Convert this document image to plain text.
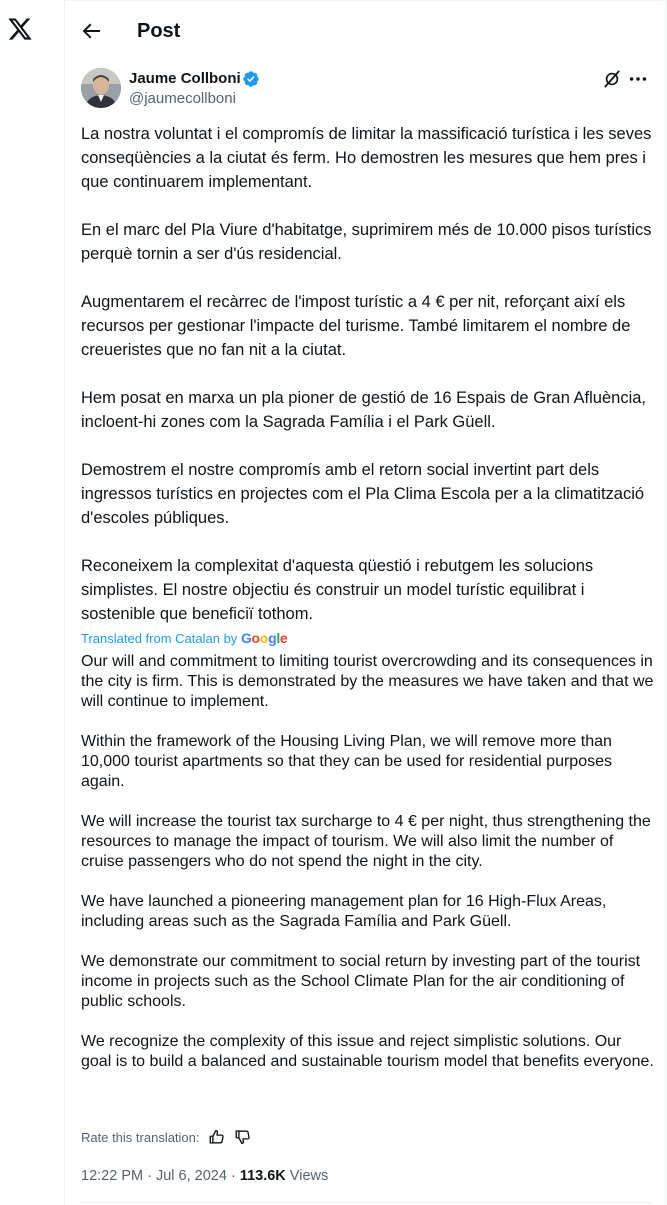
Post
Jaume Collboni
@jaumecollboni

La nostra voluntat i el compromís de limitar la massificació turística i les seves conseqüències a la ciutat és ferm. Ho demostren les mesures que hem pres i que continuarem implementant.

En el marc del Pla Viure d'habitatge, suprimirem més de 10.000 pisos turístics perquè tornin a ser d'ús residencial.

Augmentarem el recàrrec de l'impost turístic a 4 € per nit, reforçant així els recursos per gestionar l'impacte del turisme. També limitarem el nombre de creueristes que no fan nit a la ciutat.

Hem posat en marxa un pla pioner de gestió de 16 Espais de Gran Afluència, incloent-hi zones com la Sagrada Família i el Park Güell.

Demostrem el nostre compromís amb el retorn social invertint part dels ingressos turístics en projectes com el Pla Clima Escola per a la climatització d'escoles públiques.

Reconeixem la complexitat d'aquesta qüestió i rebutgem les solucions simplistes. El nostre objectiu és construir un model turístic equilibrat i sostenible que beneficiï tothom.

Translated from Catalan by Google

Our will and commitment to limiting tourist overcrowding and its consequences in the city is firm. This is demonstrated by the measures we have taken and that we will continue to implement.

Within the framework of the Housing Living Plan, we will remove more than 10,000 tourist apartments so that they can be used for residential purposes again.

We will increase the tourist tax surcharge to 4 € per night, thus strengthening the resources to manage the impact of tourism. We will also limit the number of cruise passengers who do not spend the night in the city.

We have launched a pioneering management plan for 16 High-Flux Areas, including areas such as the Sagrada Família and Park Güell.

We demonstrate our commitment to social return by investing part of the tourist income in projects such as the School Climate Plan for the air conditioning of public schools.

We recognize the complexity of this issue and reject simplistic solutions. Our goal is to build a balanced and sustainable tourism model that benefits everyone.

Rate this translation:
12:22 PM · Jul 6, 2024 · 113.6K Views
